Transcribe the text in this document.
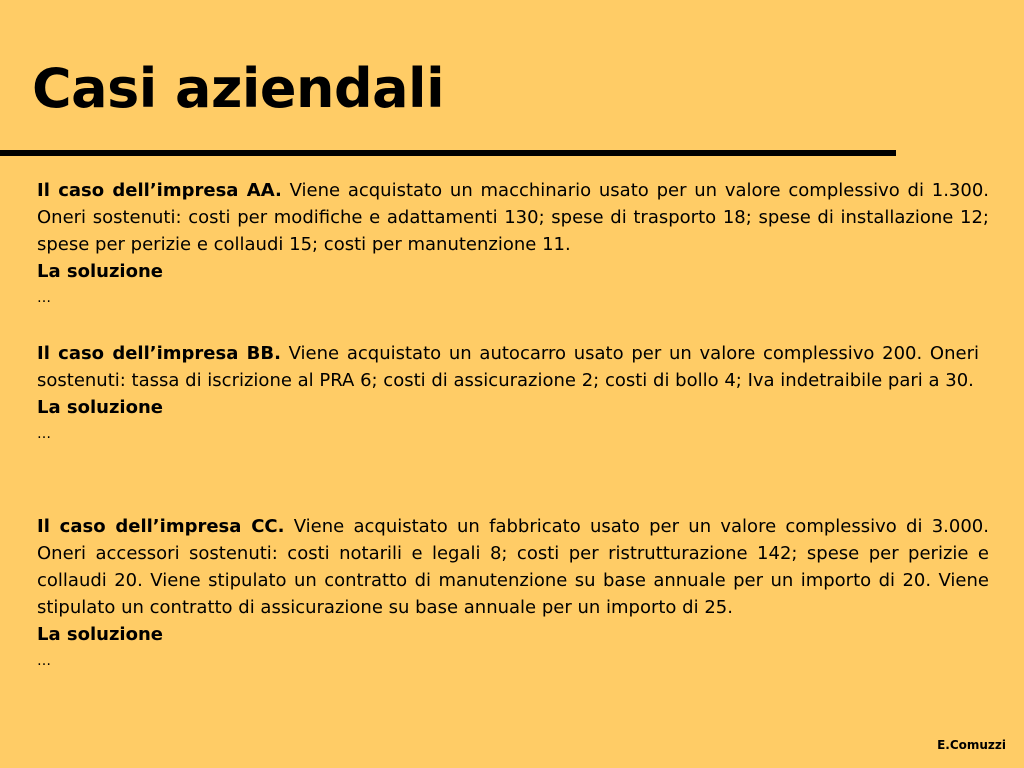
Casi aziendali

Il caso dell’impresa AA. Viene acquistato un macchinario usato per un valore complessivo di 1.300. Oneri sostenuti: costi per modifiche e adattamenti 130; spese di trasporto 18; spese di installazione 12; spese per perizie e collaudi 15; costi per manutenzione 11.

La soluzione

…

Il caso dell’impresa BB. Viene acquistato un autocarro usato per un valore complessivo 200. Oneri sostenuti: tassa di iscrizione al PRA 6; costi di assicurazione 2; costi di bollo 4; Iva indetraibile pari a 30.

La soluzione

…

Il caso dell’impresa CC. Viene acquistato un fabbricato usato per un valore complessivo di 3.000. Oneri accessori sostenuti: costi notarili e legali 8; costi per ristrutturazione 142; spese per perizie e collaudi 20. Viene stipulato un contratto di manutenzione su base annuale per un importo di 20. Viene stipulato un contratto di assicurazione su base annuale per un importo di 25.

La soluzione

…

E.Comuzzi
